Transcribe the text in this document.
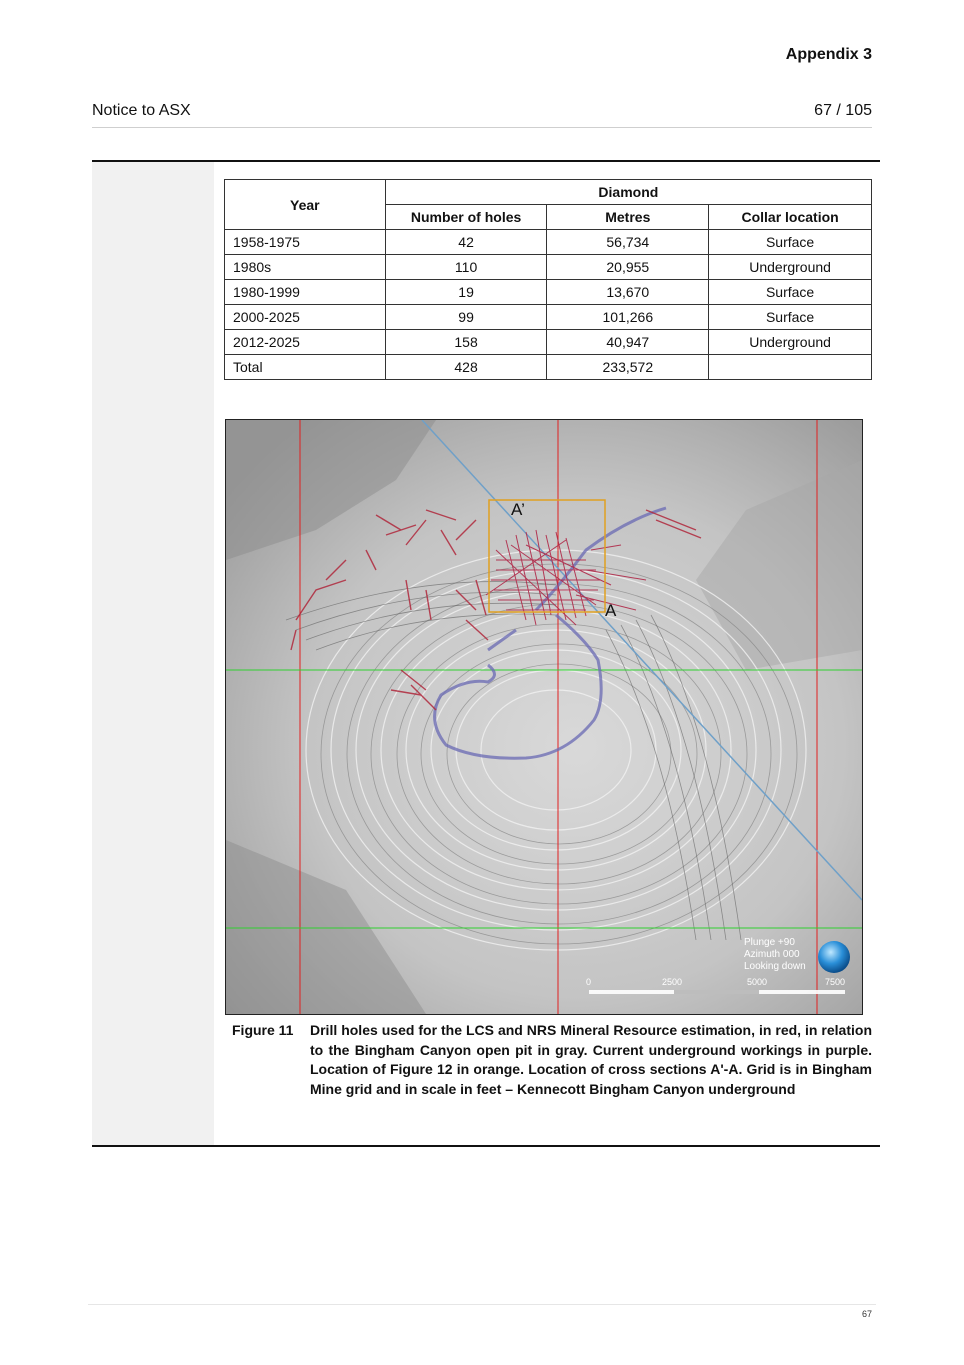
Appendix 3
Notice to ASX	67 / 105
Year	Diamond		
	Number of holes	Metres	Collar location
1958-1975	42	56,734	Surface
1980s	110	20,955	Underground
1980-1999	19	13,670	Surface
2000-2025	99	101,266	Surface
2012-2025	158	40,947	Underground
Total	428	233,572	
A’
A
Plunge +90
Azimuth 000
Looking down
0	2500	5000	7500
Figure 11 Drill holes used for the LCS and NRS Mineral Resource estimation, in red, in relation to the Bingham Canyon open pit in gray. Current underground workings in purple. Location of Figure 12 in orange. Location of cross sections A'-A. Grid is in Bingham Mine grid and in scale in feet – Kennecott Bingham Canyon underground
67
